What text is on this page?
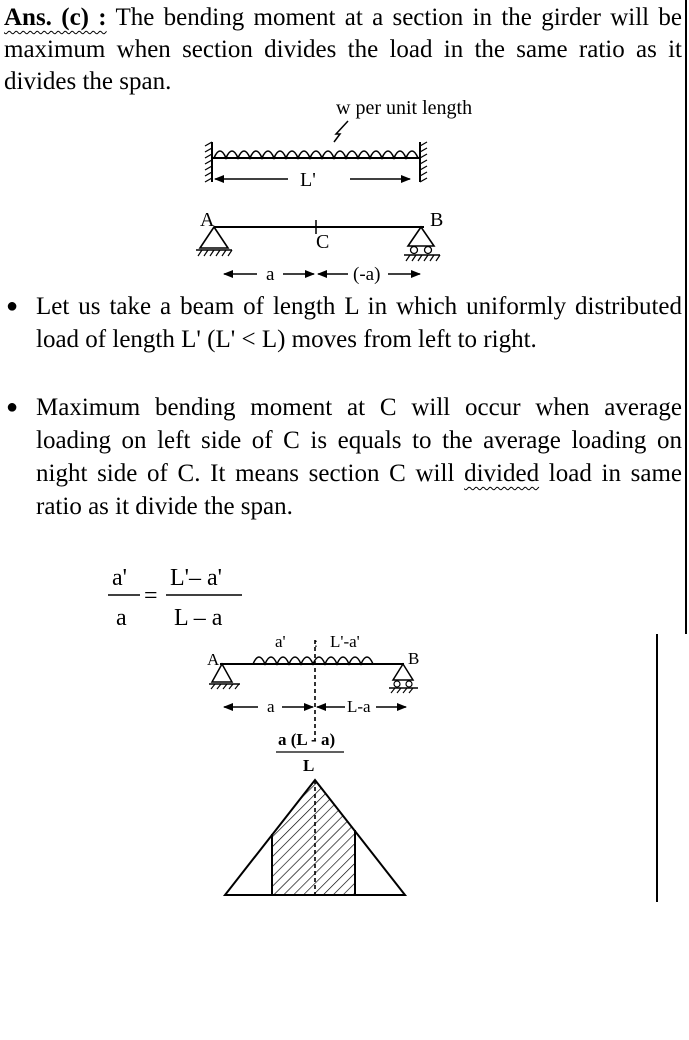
Ans. (c) : The bending moment at a section in the girder will be maximum when section divides the load in the same ratio as it divides the span.
w per unit length
L'
A	B
C
a	(-a)
● Let us take a beam of length L in which uniformly distributed load of length L' (L' < L) moves from left to right.
● Maximum bending moment at C will occur when average loading on left side of C is equals to the average loading on night side of C. It means section C will divided load in same ratio as it divide the span.
a'
a
=
L'– a'
L – a
a' : L'-a'
A	B
a	L-a
a (L - a)
L
